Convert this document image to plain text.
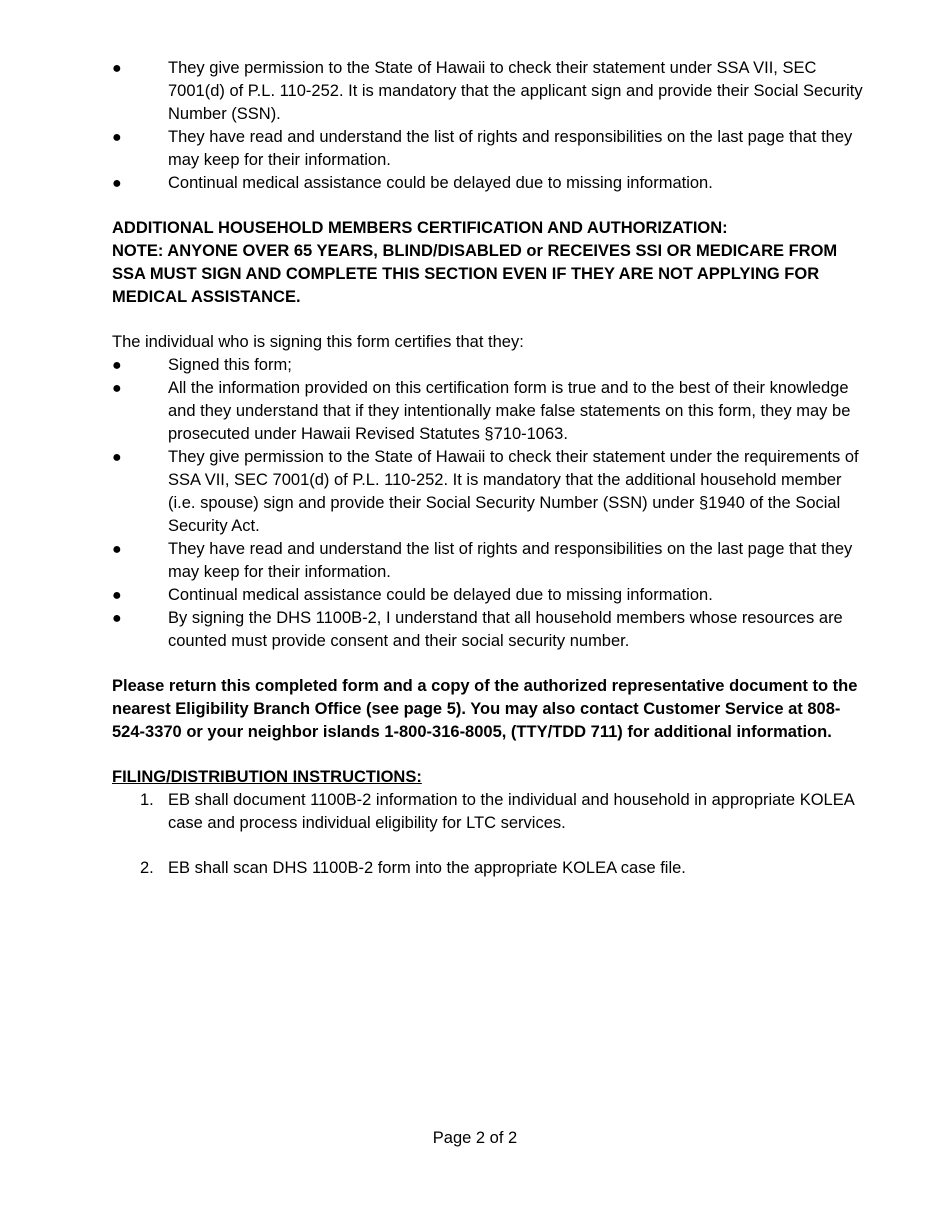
●	They give permission to the State of Hawaii to check their statement under SSA VII, SEC 7001(d) of P.L. 110-252. It is mandatory that the applicant sign and provide their Social Security Number (SSN).
●	They have read and understand the list of rights and responsibilities on the last page that they may keep for their information.
●	Continual medical assistance could be delayed due to missing information.

ADDITIONAL HOUSEHOLD MEMBERS CERTIFICATION AND AUTHORIZATION:

NOTE: ANYONE OVER 65 YEARS, BLIND/DISABLED or RECEIVES SSI OR MEDICARE FROM SSA MUST SIGN AND COMPLETE THIS SECTION EVEN IF THEY ARE NOT APPLYING FOR MEDICAL ASSISTANCE.

The individual who is signing this form certifies that they:

●	Signed this form;
●	All the information provided on this certification form is true and to the best of their knowledge and they understand that if they intentionally make false statements on this form, they may be prosecuted under Hawaii Revised Statutes §710-1063.
●	They give permission to the State of Hawaii to check their statement under the requirements of SSA VII, SEC 7001(d) of P.L. 110-252. It is mandatory that the additional household member (i.e. spouse) sign and provide their Social Security Number (SSN) under §1940 of the Social Security Act.
●	They have read and understand the list of rights and responsibilities on the last page that they may keep for their information.
●	Continual medical assistance could be delayed due to missing information.
●	By signing the DHS 1100B-2, I understand that all household members whose resources are counted must provide consent and their social security number.

Please return this completed form and a copy of the authorized representative document to the nearest Eligibility Branch Office (see page 5). You may also contact Customer Service at 808-524-3370 or your neighbor islands 1-800-316-8005, (TTY/TDD 711) for additional information.

FILING/DISTRIBUTION INSTRUCTIONS:

1. EB shall document 1100B-2 information to the individual and household in appropriate KOLEA case and process individual eligibility for LTC services.
2. EB shall scan DHS 1100B-2 form into the appropriate KOLEA case file.
Page 2 of 2
